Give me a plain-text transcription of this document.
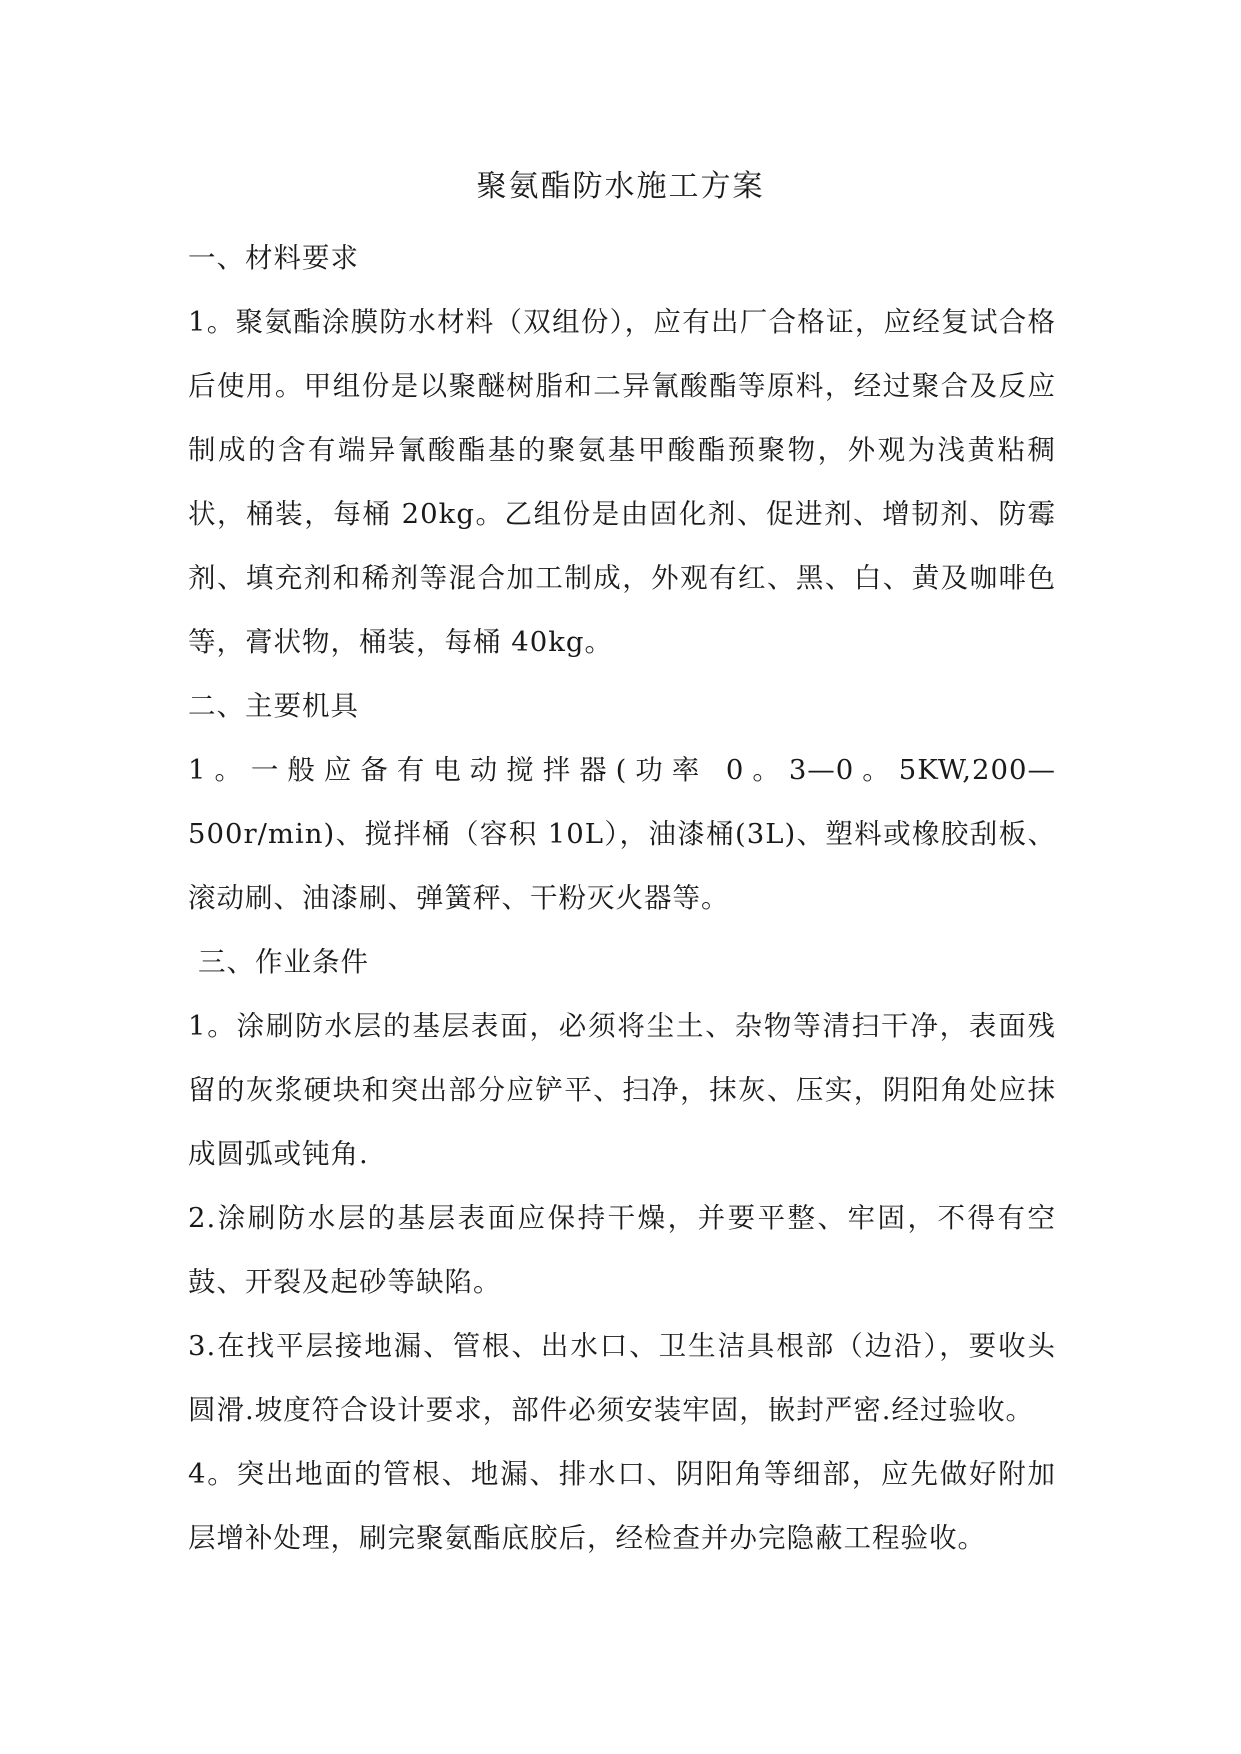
聚氨酯防水施工方案
一、材料要求

1。聚氨酯涂膜防水材料（双组份），应有出厂合格证，应经复试合格后使用。甲组份是以聚醚树脂和二异氰酸酯等原料，经过聚合及反应制成的含有端异氰酸酯基的聚氨基甲酸酯预聚物，外观为浅黄粘稠状，桶装，每桶 20kg。乙组份是由固化剂、促进剂、增韧剂、防霉剂、填充剂和稀剂等混合加工制成，外观有红、黑、白、黄及咖啡色等，膏状物，桶装，每桶 40kg。

二、主要机具

1。一般应备有电动搅拌器(功率 0。3—0。5KW,200—500r/min)、搅拌桶（容积 10L），油漆桶(3L)、塑料或橡胶刮板、滚动刷、油漆刷、弹簧秤、干粉灭火器等。

三、作业条件

1。涂刷防水层的基层表面，必须将尘土、杂物等清扫干净，表面残留的灰浆硬块和突出部分应铲平、扫净，抹灰、压实，阴阳角处应抹成圆弧或钝角.

2.涂刷防水层的基层表面应保持干燥，并要平整、牢固，不得有空鼓、开裂及起砂等缺陷。

3.在找平层接地漏、管根、出水口、卫生洁具根部（边沿），要收头圆滑.坡度符合设计要求，部件必须安装牢固，嵌封严密.经过验收。

4。突出地面的管根、地漏、排水口、阴阳角等细部，应先做好附加层增补处理，刷完聚氨酯底胶后，经检查并办完隐蔽工程验收。
